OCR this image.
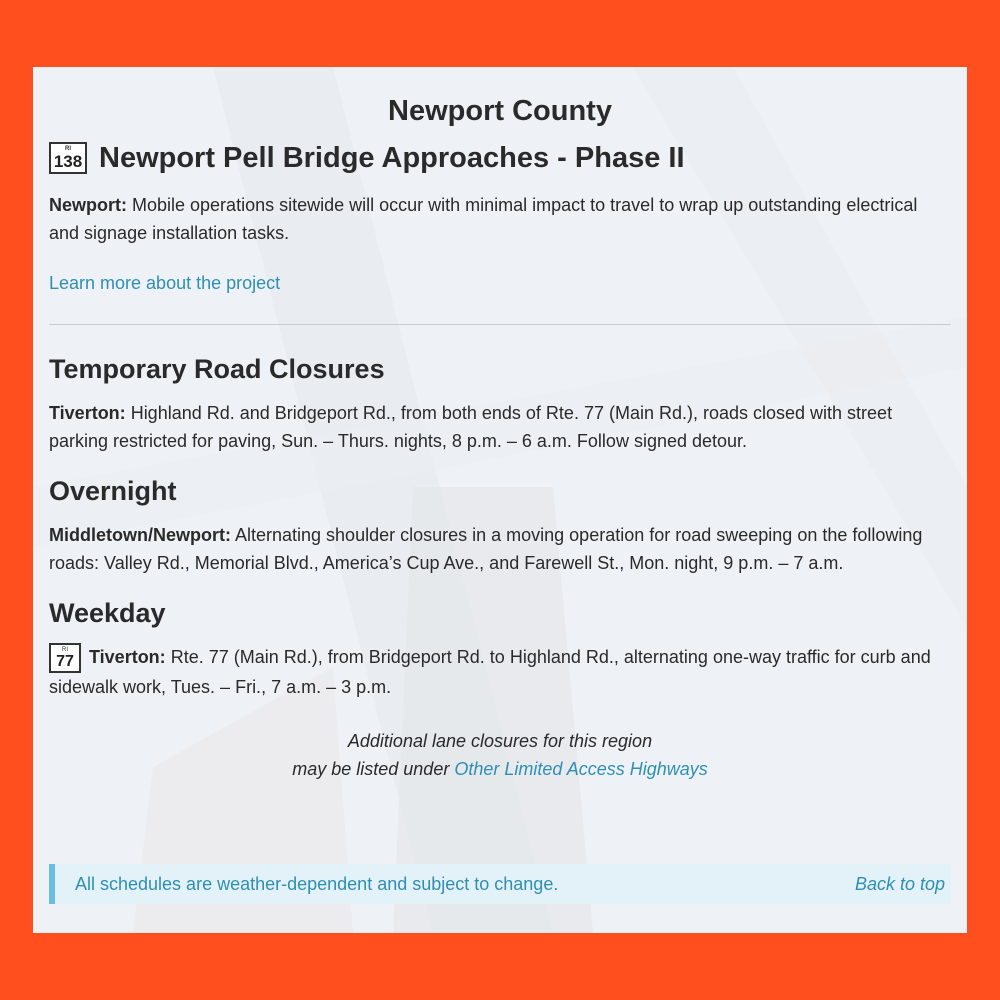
Newport County
RI
138 Newport Pell Bridge Approaches - Phase II

Newport: Mobile operations sitewide will occur with minimal impact to travel to wrap up outstanding electrical and signage installation tasks.

Learn more about the project
Temporary Road Closures

Tiverton: Highland Rd. and Bridgeport Rd., from both ends of Rte. 77 (Main Rd.), roads closed with street parking restricted for paving, Sun. – Thurs. nights, 8 p.m. – 6 a.m. Follow signed detour.

Overnight

Middletown/Newport: Alternating shoulder closures in a moving operation for road sweeping on the following roads: Valley Rd., Memorial Blvd., America’s Cup Ave., and Farewell St., Mon. night, 9 p.m. – 7 a.m.

Weekday

RI
77 Tiverton: Rte. 77 (Main Rd.), from Bridgeport Rd. to Highland Rd., alternating one-way traffic for curb and sidewalk work, Tues. – Fri., 7 a.m. – 3 p.m.

Additional lane closures for this region
may be listed under Other Limited Access Highways
All schedules are weather-dependent and subject to change.	Back to top
